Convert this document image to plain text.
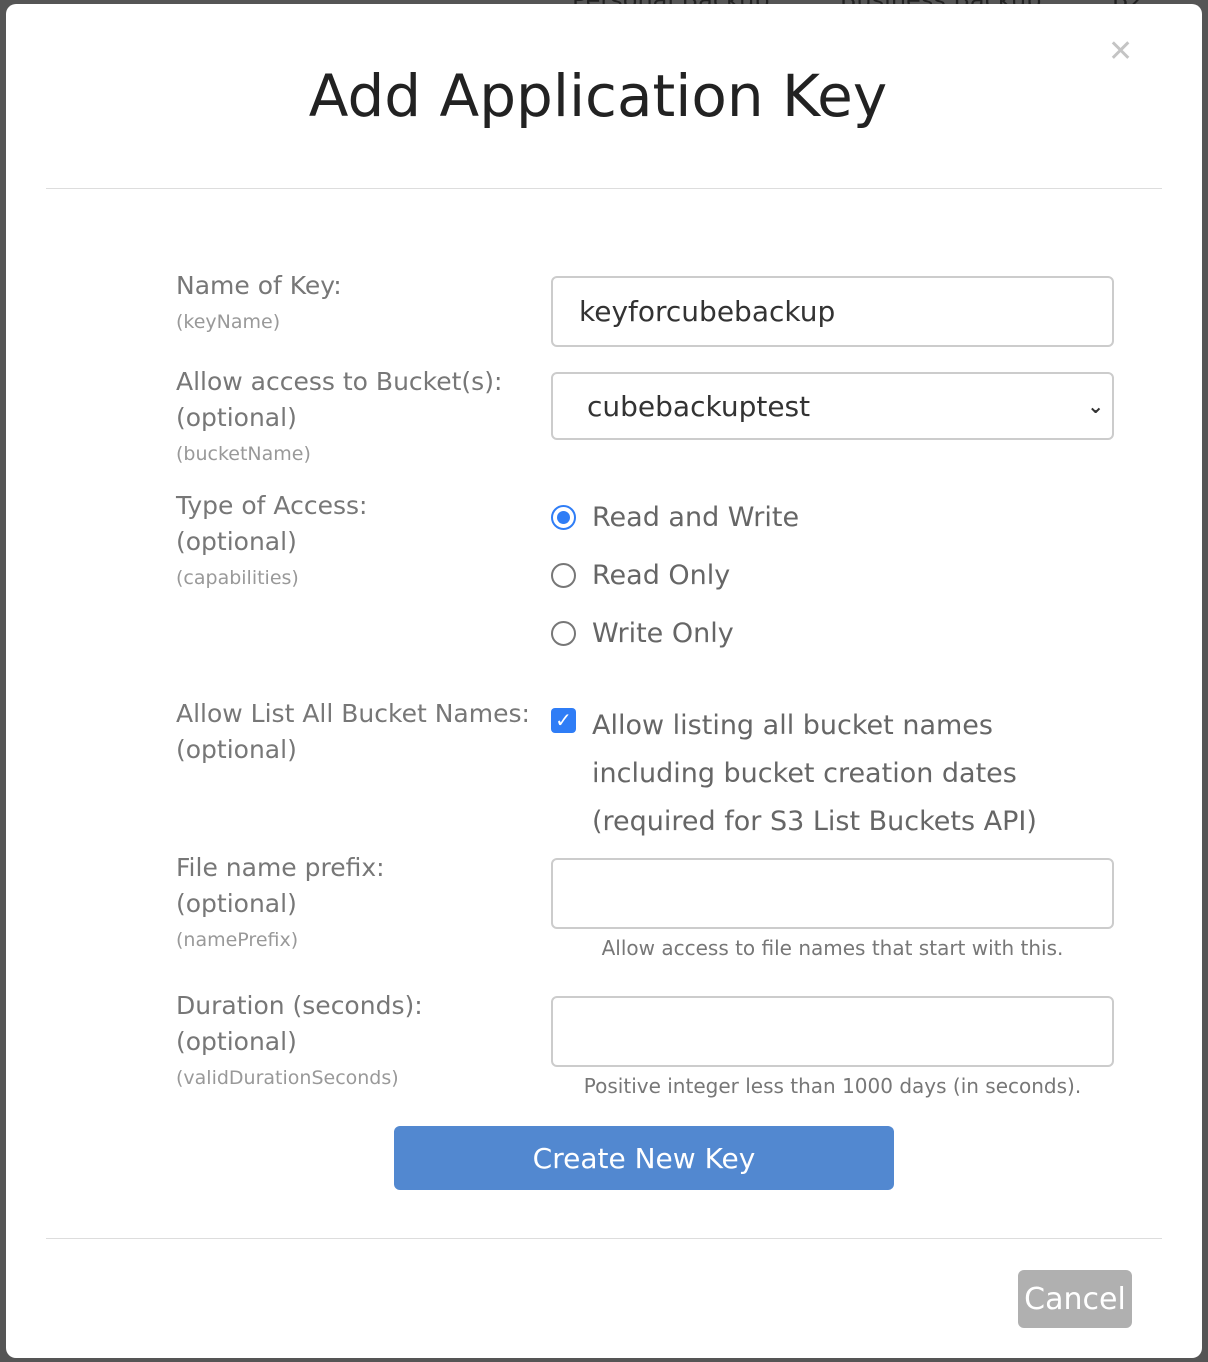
✕
Add Application Key
Name of Key:
(keyName)	keyforcubebackup
Allow access to Bucket(s):
(optional)
(bucketName)
cubebackuptest	⌄
Type of Access:
(optional)
(capabilities)
Read and Write
Read Only
Write Only
Allow List All Bucket Names:
(optional)
✓ Allow listing all bucket names including bucket creation dates (required for S3 List Buckets API)
File name prefix:
(optional)
(namePrefix)	Allow access to file names that start with this.
Duration (seconds):
(optional)
(validDurationSeconds)	Positive integer less than 1000 days (in seconds).
Create New Key
Cancel
